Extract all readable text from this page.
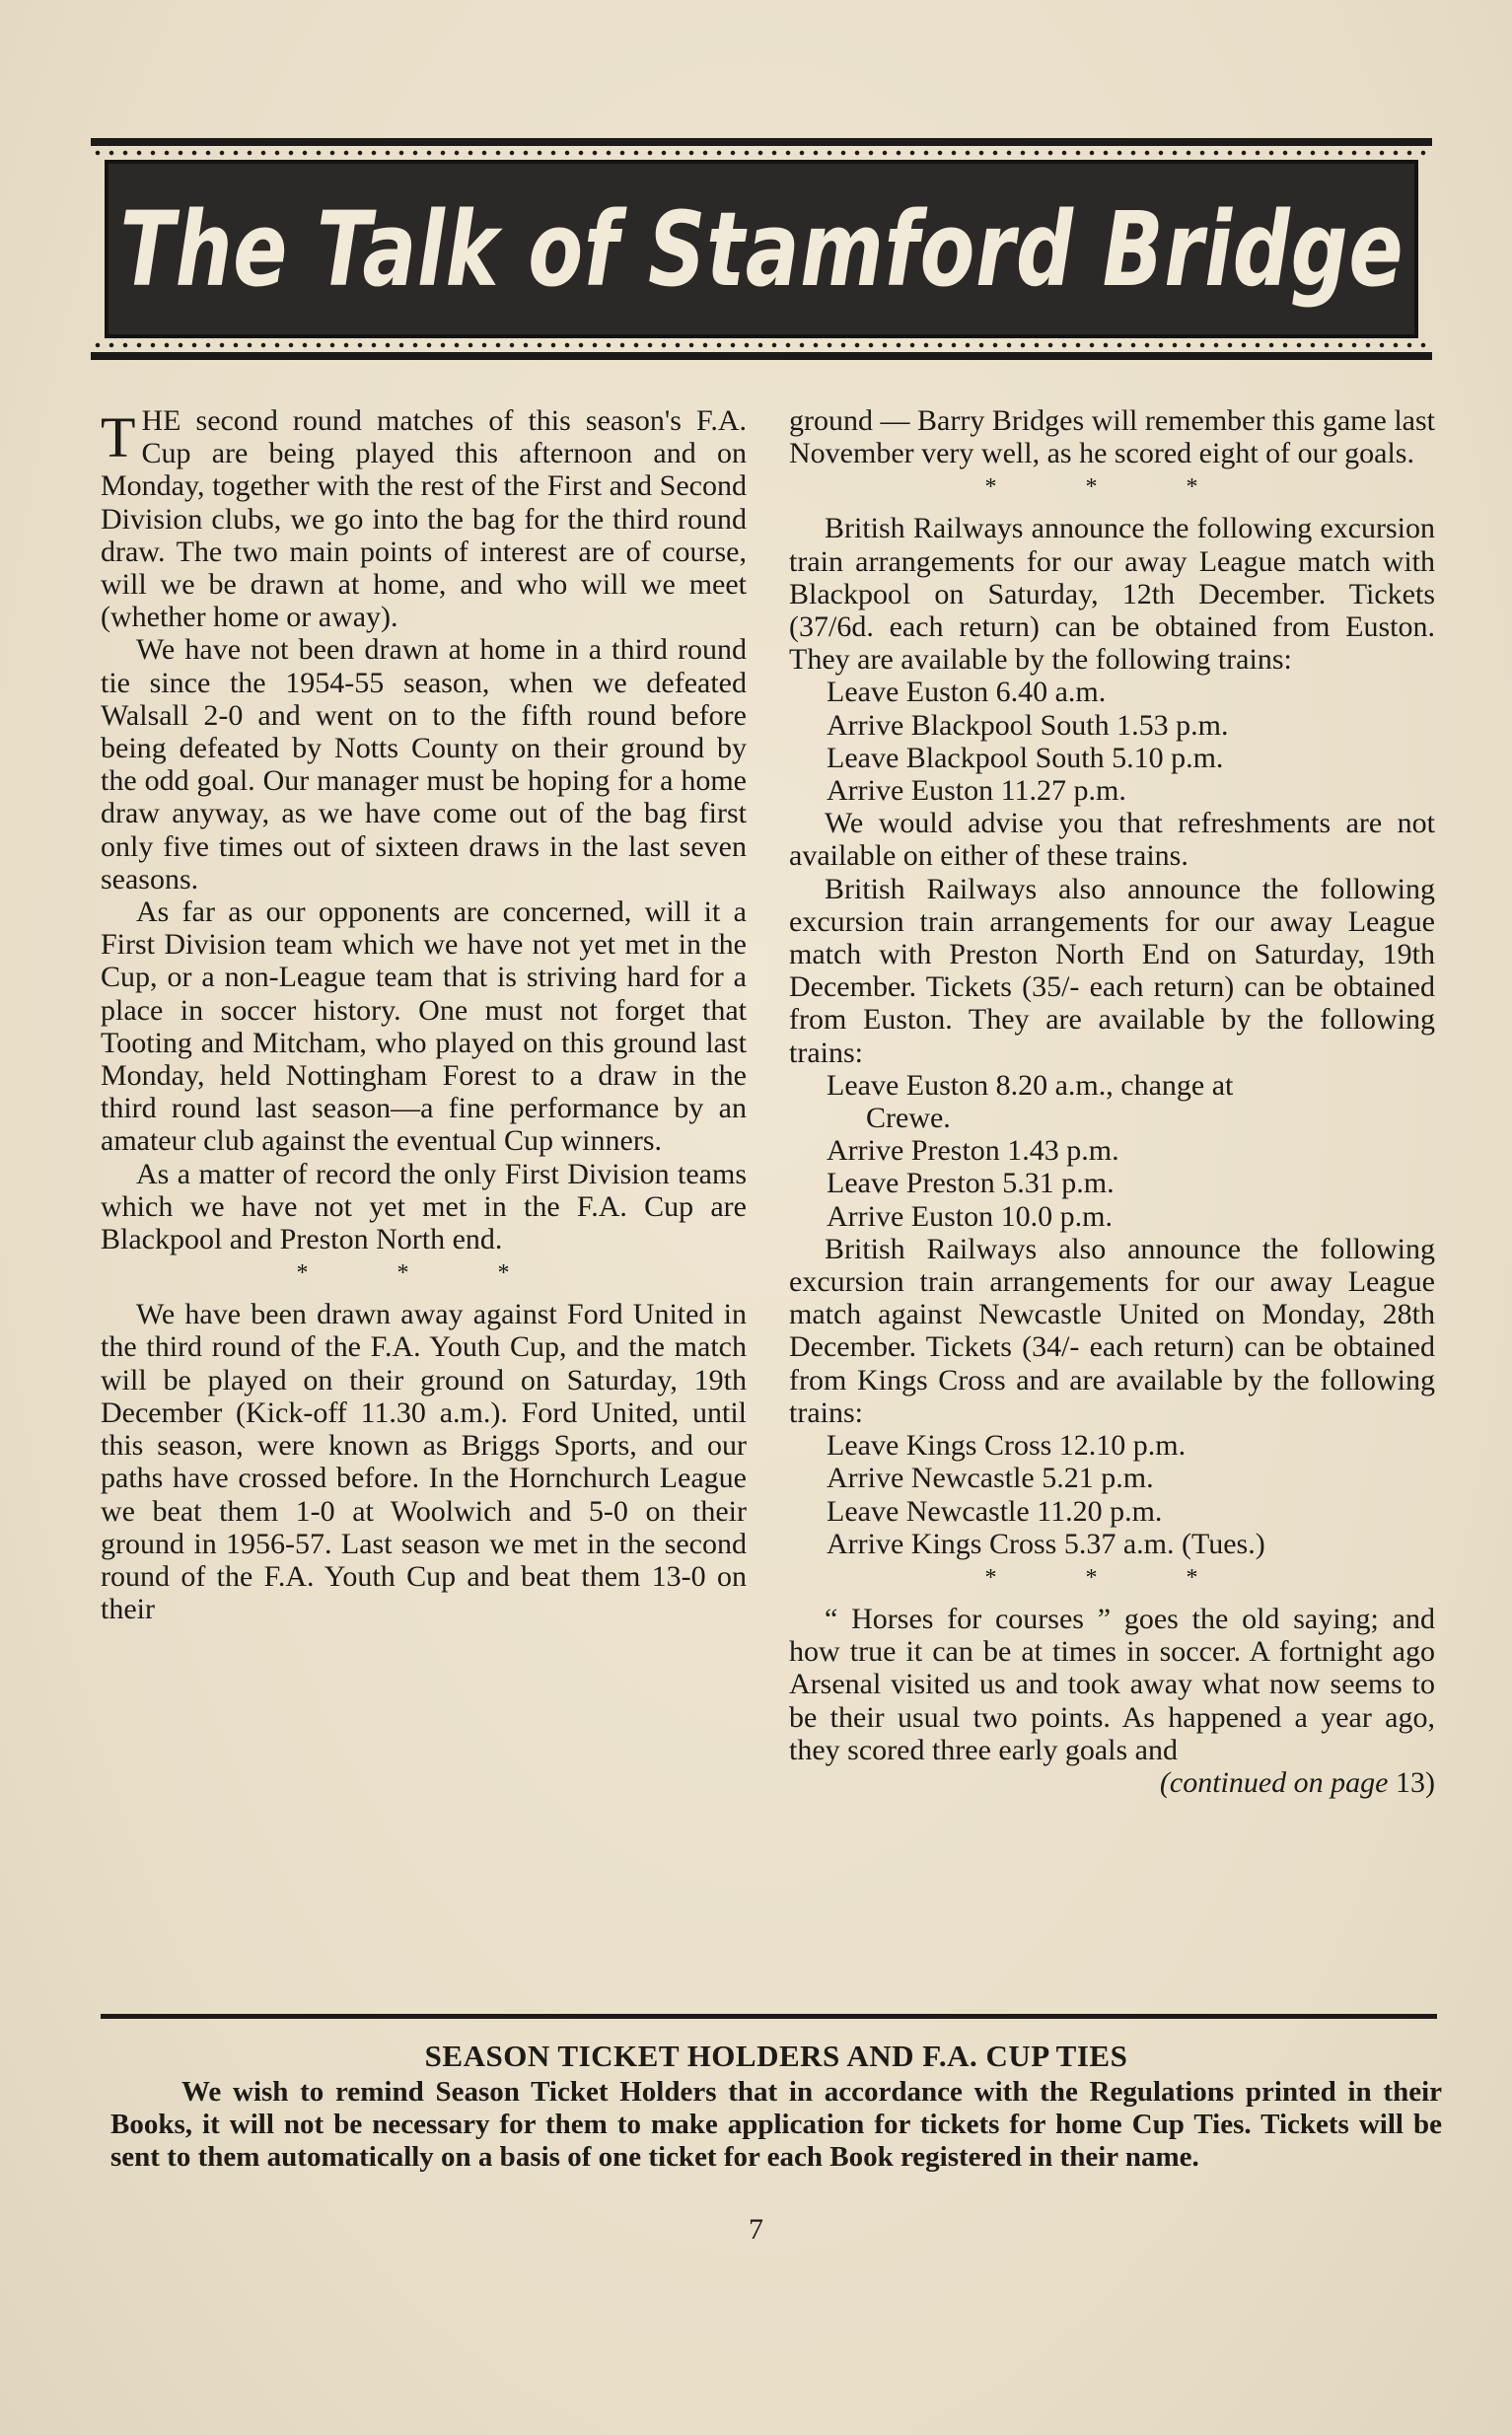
The Talk of Stamford Bridge

THE second round matches of this season's F.A. Cup are being played this afternoon and on Monday, together with the rest of the First and Second Division clubs, we go into the bag for the third round draw. The two main points of interest are of course, will we be drawn at home, and who will we meet (whether home or away).

We have not been drawn at home in a third round tie since the 1954-55 season, when we defeated Walsall 2-0 and went on to the fifth round before being defeated by Notts County on their ground by the odd goal. Our manager must be hoping for a home draw anyway, as we have come out of the bag first only five times out of sixteen draws in the last seven seasons.

As far as our opponents are concerned, will it a First Division team which we have not yet met in the Cup, or a non-League team that is striving hard for a place in soccer history. One must not forget that Tooting and Mitcham, who played on this ground last Monday, held Nottingham Forest to a draw in the third round last season—a fine performance by an amateur club against the eventual Cup winners.

As a matter of record the only First Division teams which we have not yet met in the F.A. Cup are Blackpool and Preston North end.

* * *

We have been drawn away against Ford United in the third round of the F.A. Youth Cup, and the match will be played on their ground on Saturday, 19th December (Kick-off 11.30 a.m.). Ford United, until this season, were known as Briggs Sports, and our paths have crossed before. In the Hornchurch League we beat them 1-0 at Woolwich and 5-0 on their ground in 1956-57. Last season we met in the second round of the F.A. Youth Cup and beat them 13-0 on their

ground — Barry Bridges will remember this game last November very well, as he scored eight of our goals.

* * *

British Railways announce the following excursion train arrangements for our away League match with Blackpool on Saturday, 12th December. Tickets (37/6d. each return) can be obtained from Euston. They are available by the following trains:

Leave Euston 6.40 a.m.

Arrive Blackpool South 1.53 p.m.

Leave Blackpool South 5.10 p.m.

Arrive Euston 11.27 p.m.

We would advise you that refreshments are not available on either of these trains.

British Railways also announce the following excursion train arrangements for our away League match with Preston North End on Saturday, 19th December. Tickets (35/- each return) can be obtained from Euston. They are available by the following trains:

Leave Euston 8.20 a.m., change at

Crewe.

Arrive Preston 1.43 p.m.

Leave Preston 5.31 p.m.

Arrive Euston 10.0 p.m.

British Railways also announce the following excursion train arrangements for our away League match against Newcastle United on Monday, 28th December. Tickets (34/- each return) can be obtained from Kings Cross and are available by the following trains:

Leave Kings Cross 12.10 p.m.

Arrive Newcastle 5.21 p.m.

Leave Newcastle 11.20 p.m.

Arrive Kings Cross 5.37 a.m. (Tues.)

* * *

“ Horses for courses ” goes the old saying; and how true it can be at times in soccer. A fortnight ago Arsenal visited us and took away what now seems to be their usual two points. As happened a year ago, they scored three early goals and

(continued on page 13)

SEASON TICKET HOLDERS AND F.A. CUP TIES

We wish to remind Season Ticket Holders that in accordance with the Regulations printed in their Books, it will not be necessary for them to make application for tickets for home Cup Ties. Tickets will be sent to them automatically on a basis of one ticket for each Book registered in their name.

7
